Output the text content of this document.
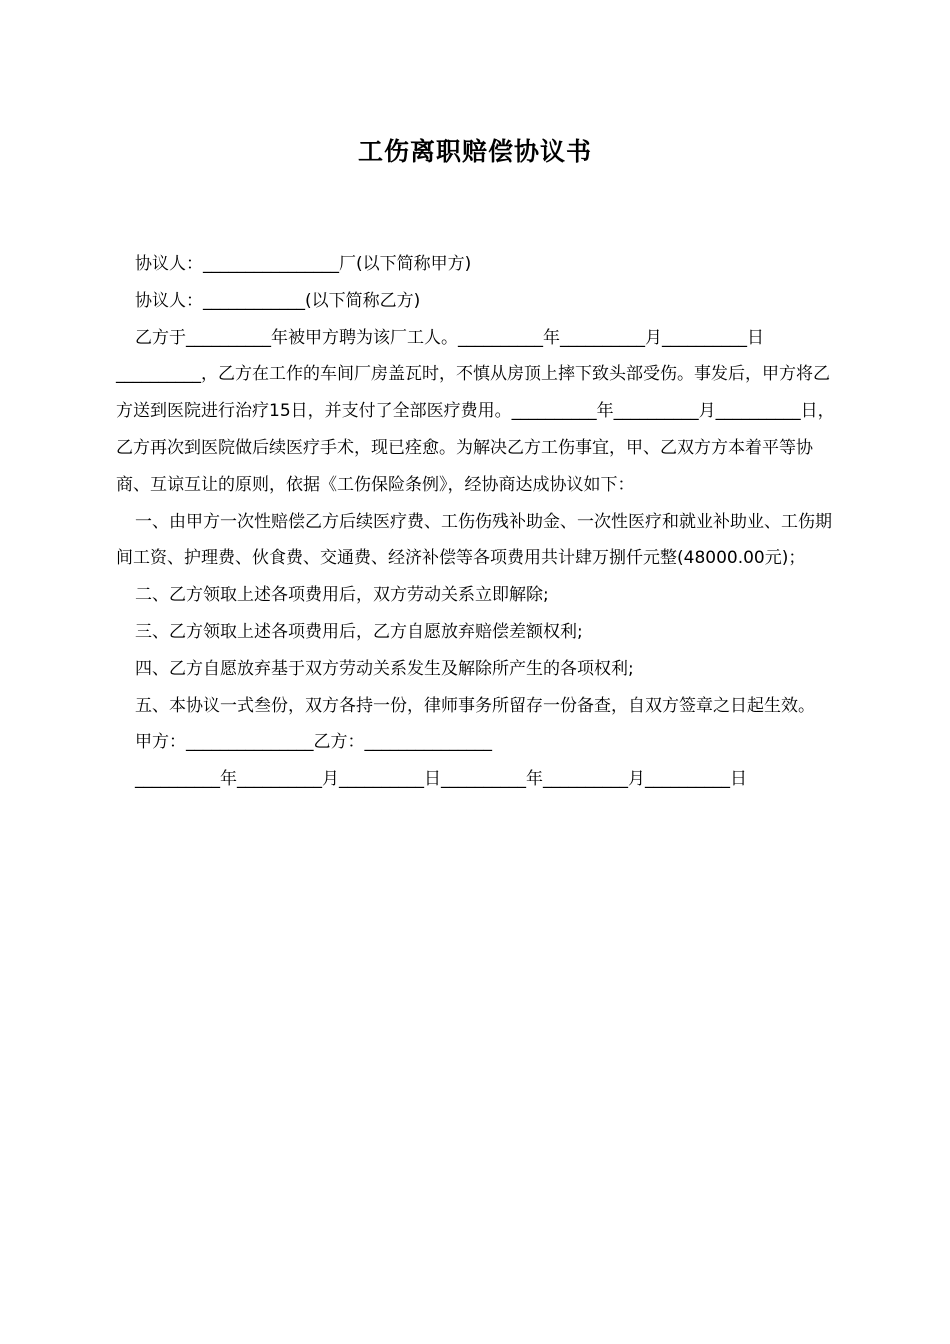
工伤离职赔偿协议书

协议人：________________厂(以下简称甲方)

协议人：____________(以下简称乙方)

乙方于__________年被甲方聘为该厂工人。__________年__________月__________日__________，乙方在工作的车间厂房盖瓦时，不慎从房顶上摔下致头部受伤。事发后，甲方将乙方送到医院进行治疗15日，并支付了全部医疗费用。__________年__________月__________日，乙方再次到医院做后续医疗手术，现已痊愈。为解决乙方工伤事宜，甲、乙双方方本着平等协商、互谅互让的原则，依据《工伤保险条例》，经协商达成协议如下：

一、由甲方一次性赔偿乙方后续医疗费、工伤伤残补助金、一次性医疗和就业补助业、工伤期间工资、护理费、伙食费、交通费、经济补偿等各项费用共计肆万捌仟元整(48000.00元)；

二、乙方领取上述各项费用后，双方劳动关系立即解除;

三、乙方领取上述各项费用后，乙方自愿放弃赔偿差额权利;

四、乙方自愿放弃基于双方劳动关系发生及解除所产生的各项权利;

五、本协议一式叁份，双方各持一份，律师事务所留存一份备查，自双方签章之日起生效。

甲方：_______________乙方：_______________

__________年__________月__________日__________年__________月__________日
